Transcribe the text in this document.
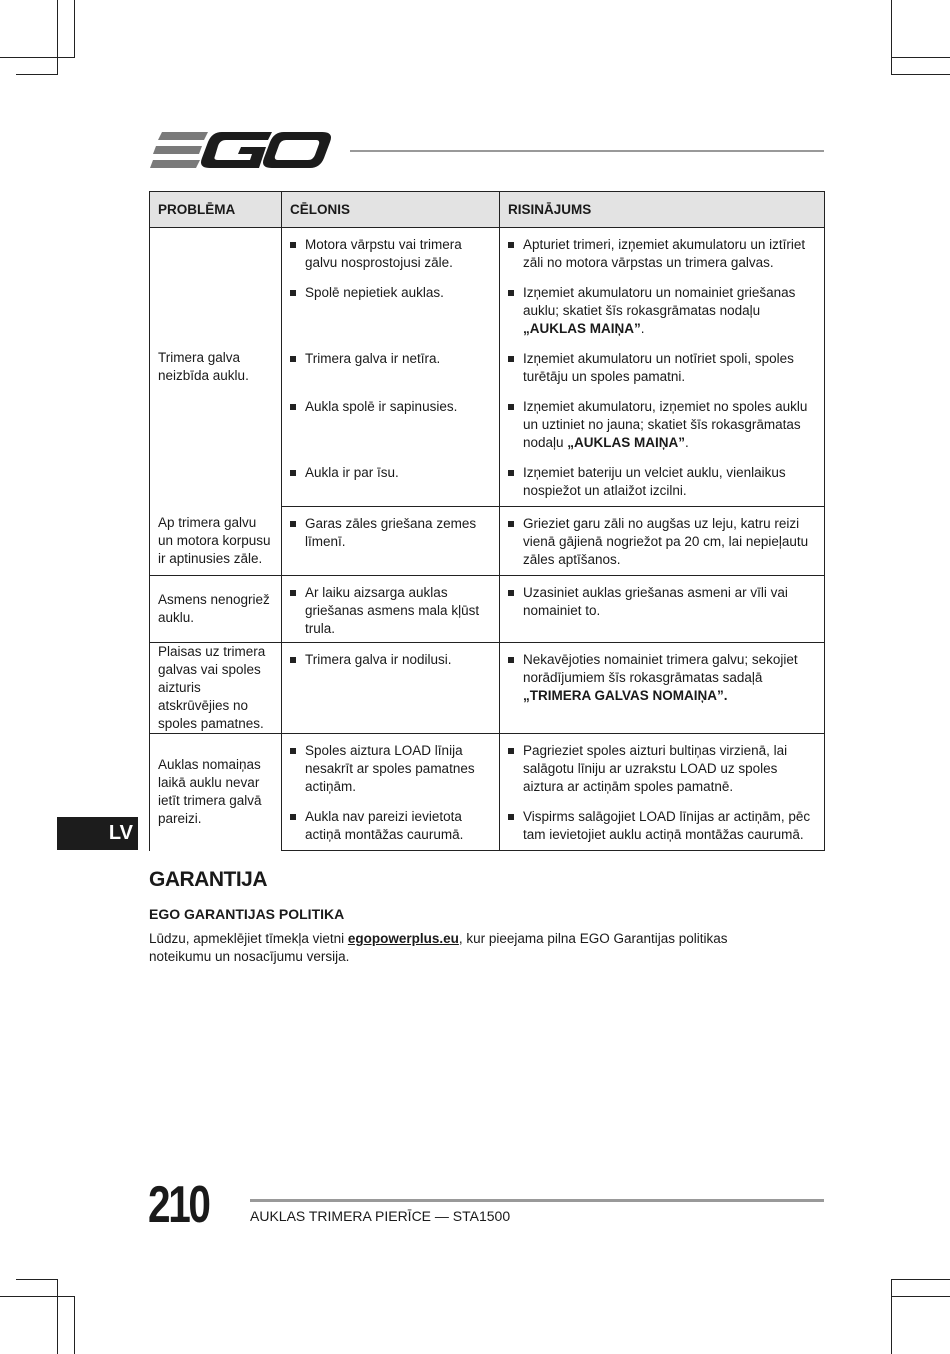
PROBLĒMA	CĒLONIS	RISINĀJUMS
Trimera galva neizbīda auklu.	Motora vārpstu vai trimera galvu nosprostojusi zāle.	Apturiet trimeri, izņemiet akumulatoru un iztīriet zāli no motora vārpstas un trimera galvas.

	Spolē nepietiek auklas.	Izņemiet akumulatoru un nomainiet griešanas auklu; skatiet šīs rokasgrāmatas nodaļu „AUKLAS MAIŅA”.

	Trimera galva ir netīra.	Izņemiet akumulatoru un notīriet spoli, spoles turētāju un spoles pamatni.

	Aukla spolē ir sapinusies.	Izņemiet akumulatoru, izņemiet no spoles auklu un uztiniet no jauna; skatiet šīs rokasgrāmatas nodaļu „AUKLAS MAIŅA”.

	Aukla ir par īsu.	Izņemiet bateriju un velciet auklu, vienlaikus nospiežot un atlaižot izcilni.

Ap trimera galvu un motora korpusu ir aptinusies zāle.	Garas zāles griešana zemes līmenī.	Grieziet garu zāli no augšas uz leju, katru reizi vienā gājienā nogriežot pa 20 cm, lai nepieļautu zāles aptīšanos.

Asmens nenogriež auklu.	Ar laiku aizsarga auklas griešanas asmens mala kļūst trula.	Uzasiniet auklas griešanas asmeni ar vīli vai nomainiet to.

Plaisas uz trimera galvas vai spoles aizturis atskrūvējies no spoles pamatnes.	Trimera galva ir nodilusi.	Nekavējoties nomainiet trimera galvu; sekojiet norādījumiem šīs rokasgrāmatas sadaļā „TRIMERA GALVAS NOMAIŅA”.

Auklas nomaiņas laikā auklu nevar ietīt trimera galvā pareizi.	Spoles aiztura LOAD līnija nesakrīt ar spoles pamatnes actiņām.	Pagrieziet spoles aizturi bultiņas virzienā, lai salāgotu līniju ar uzrakstu LOAD uz spoles aiztura ar actiņām spoles pamatnē.

	Aukla nav pareizi ievietota actiņā montāžas caurumā.	Vispirms salāgojiet LOAD līnijas ar actiņām, pēc tam ievietojiet auklu actiņā montāžas caurumā.
LV
GARANTIJA
EGO GARANTIJAS POLITIKA
Lūdzu, apmeklējiet tīmekļa vietni egopowerplus.eu, kur pieejama pilna EGO Garantijas politikas noteikumu un nosacījumu versija.
210	AUKLAS TRIMERA PIERĪCE — STA1500
